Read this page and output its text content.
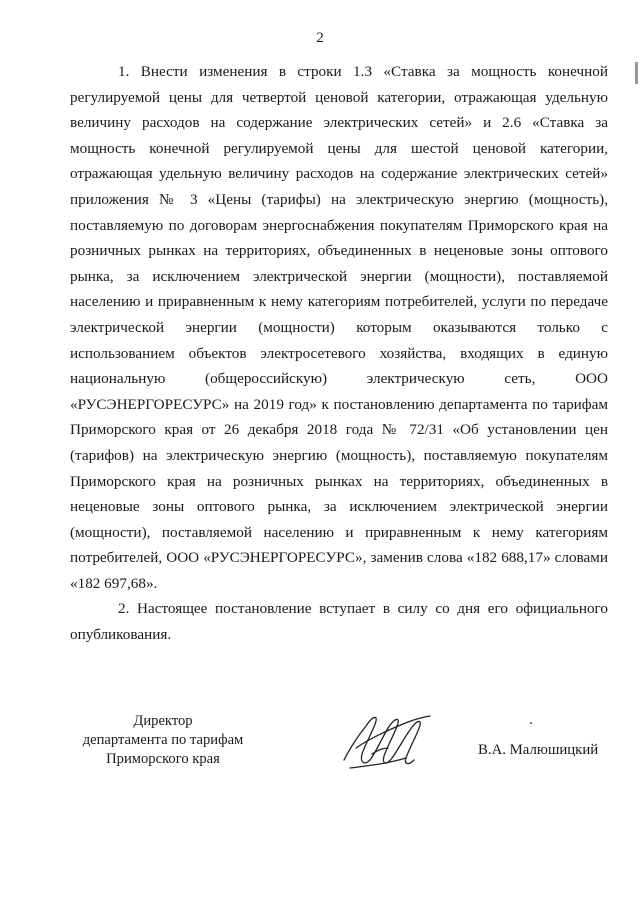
2

1. Внести изменения в строки 1.3 «Ставка за мощность конечной регулируемой цены для четвертой ценовой категории, отражающая удельную величину расходов на содержание электрических сетей» и 2.6 «Ставка за мощность конечной регулируемой цены для шестой ценовой категории, отражающая удельную величину расходов на содержание электрических сетей» приложения № 3 «Цены (тарифы) на электрическую энергию (мощность), поставляемую по договорам энергоснабжения покупателям Приморского края на розничных рынках на территориях, объединенных в неценовые зоны оптового рынка, за исключением электрической энергии (мощности), поставляемой населению и приравненным к нему категориям потребителей, услуги по передаче электрической энергии (мощности) которым оказываются только с использованием объектов электросетевого хозяйства, входящих в единую национальную (общероссийскую) электрическую сеть, ООО «РУСЭНЕРГОРЕСУРС» на 2019 год» к постановлению департамента по тарифам Приморского края от 26 декабря 2018 года № 72/31 «Об установлении цен (тарифов) на электрическую энергию (мощность), поставляемую покупателям Приморского края на розничных рынках на территориях, объединенных в неценовые зоны оптового рынка, за исключением электрической энергии (мощности), поставляемой населению и приравненным к нему категориям потребителей, ООО «РУСЭНЕРГОРЕСУРС», заменив слова «182 688,17» словами «182 697,68».

2. Настоящее постановление вступает в силу со дня его официального опубликования.

Директор
департамента по тарифам
Приморского края
В.А. Малюшицкий
